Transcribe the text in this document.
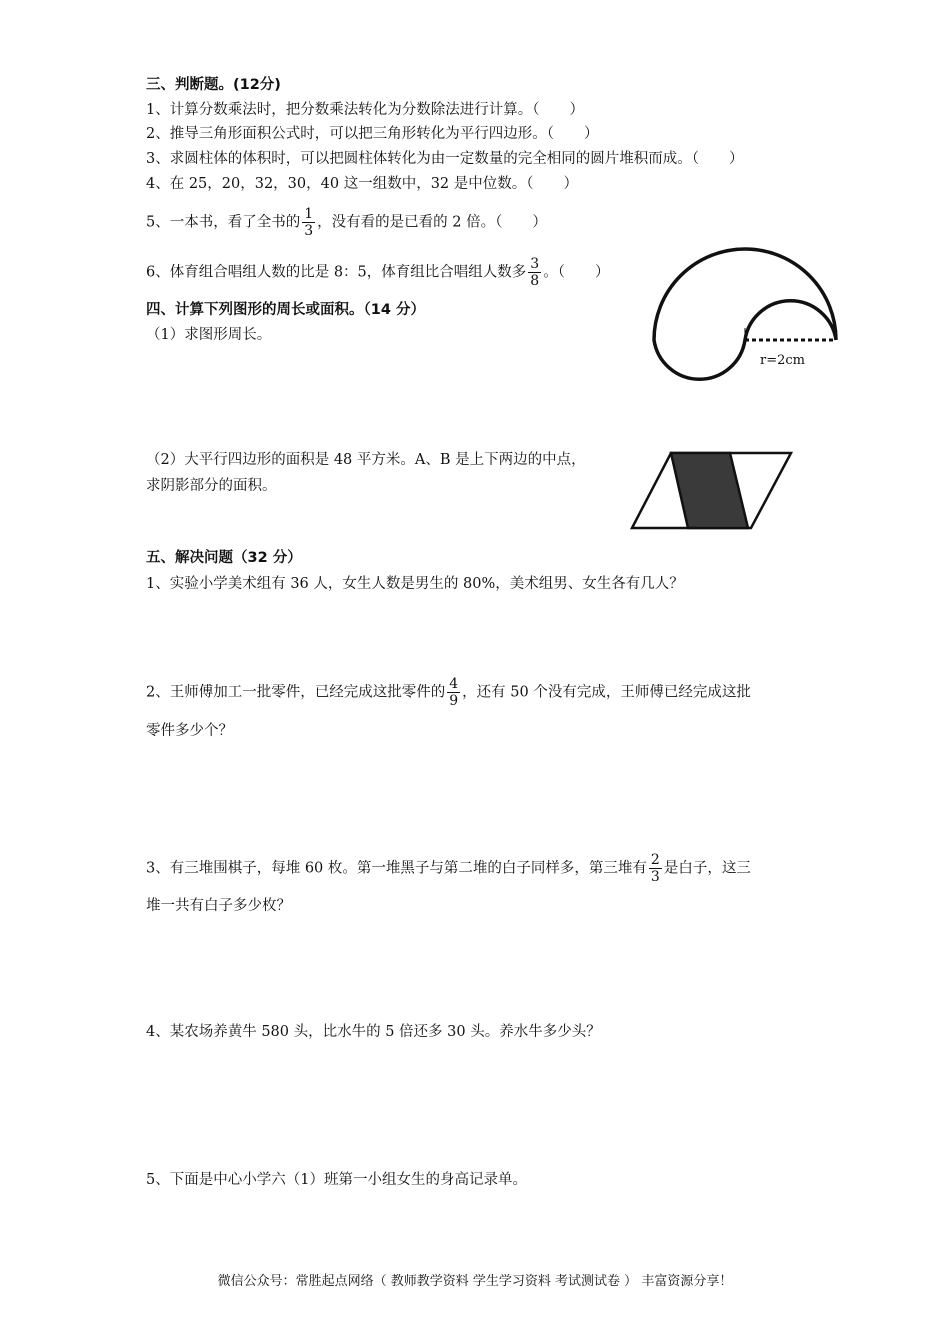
三、判断题。(12分)
1、计算分数乘法时，把分数乘法转化为分数除法进行计算。（ ）
2、推导三角形面积公式时，可以把三角形转化为平行四边形。（ ）
3、求圆柱体的体积时，可以把圆柱体转化为由一定数量的完全相同的圆片堆积而成。（ ）
4、在 25，20，32，30，40 这一组数中，32 是中位数。（ ）
5、一本书，看了全书的 $\frac{1}{3}$ ，没有看的是已看的 2 倍。（ ）
6、体育组合唱组人数的比是 8：5，体育组比合唱组人数多 $\frac{3}{8}$ 。（ ）
四、计算下列图形的周长或面积。（14 分）
（1）求图形周长。
r=2cm
（2）大平行四边形的面积是 48 平方米。A、B 是上下两边的中点，
求阴影部分的面积。
五、解决问题（32 分）
1、实验小学美术组有 36 人，女生人数是男生的 80%，美术组男、女生各有几人？
2、王师傅加工一批零件，已经完成这批零件的 $\frac{4}{9}$ ，还有 50 个没有完成，王师傅已经完成这批
零件多少个？
3、有三堆围棋子，每堆 60 枚。第一堆黑子与第二堆的白子同样多，第三堆有 $\frac{2}{3}$ 是白子，这三
堆一共有白子多少枚？
4、某农场养黄牛 580 头，比水牛的 5 倍还多 30 头。养水牛多少头？
5、下面是中心小学六（1）班第一小组女生的身高记录单。
微信公众号：常胜起点网络（ 教师教学资料 学生学习资料 考试测试卷 ） 丰富资源分享！
